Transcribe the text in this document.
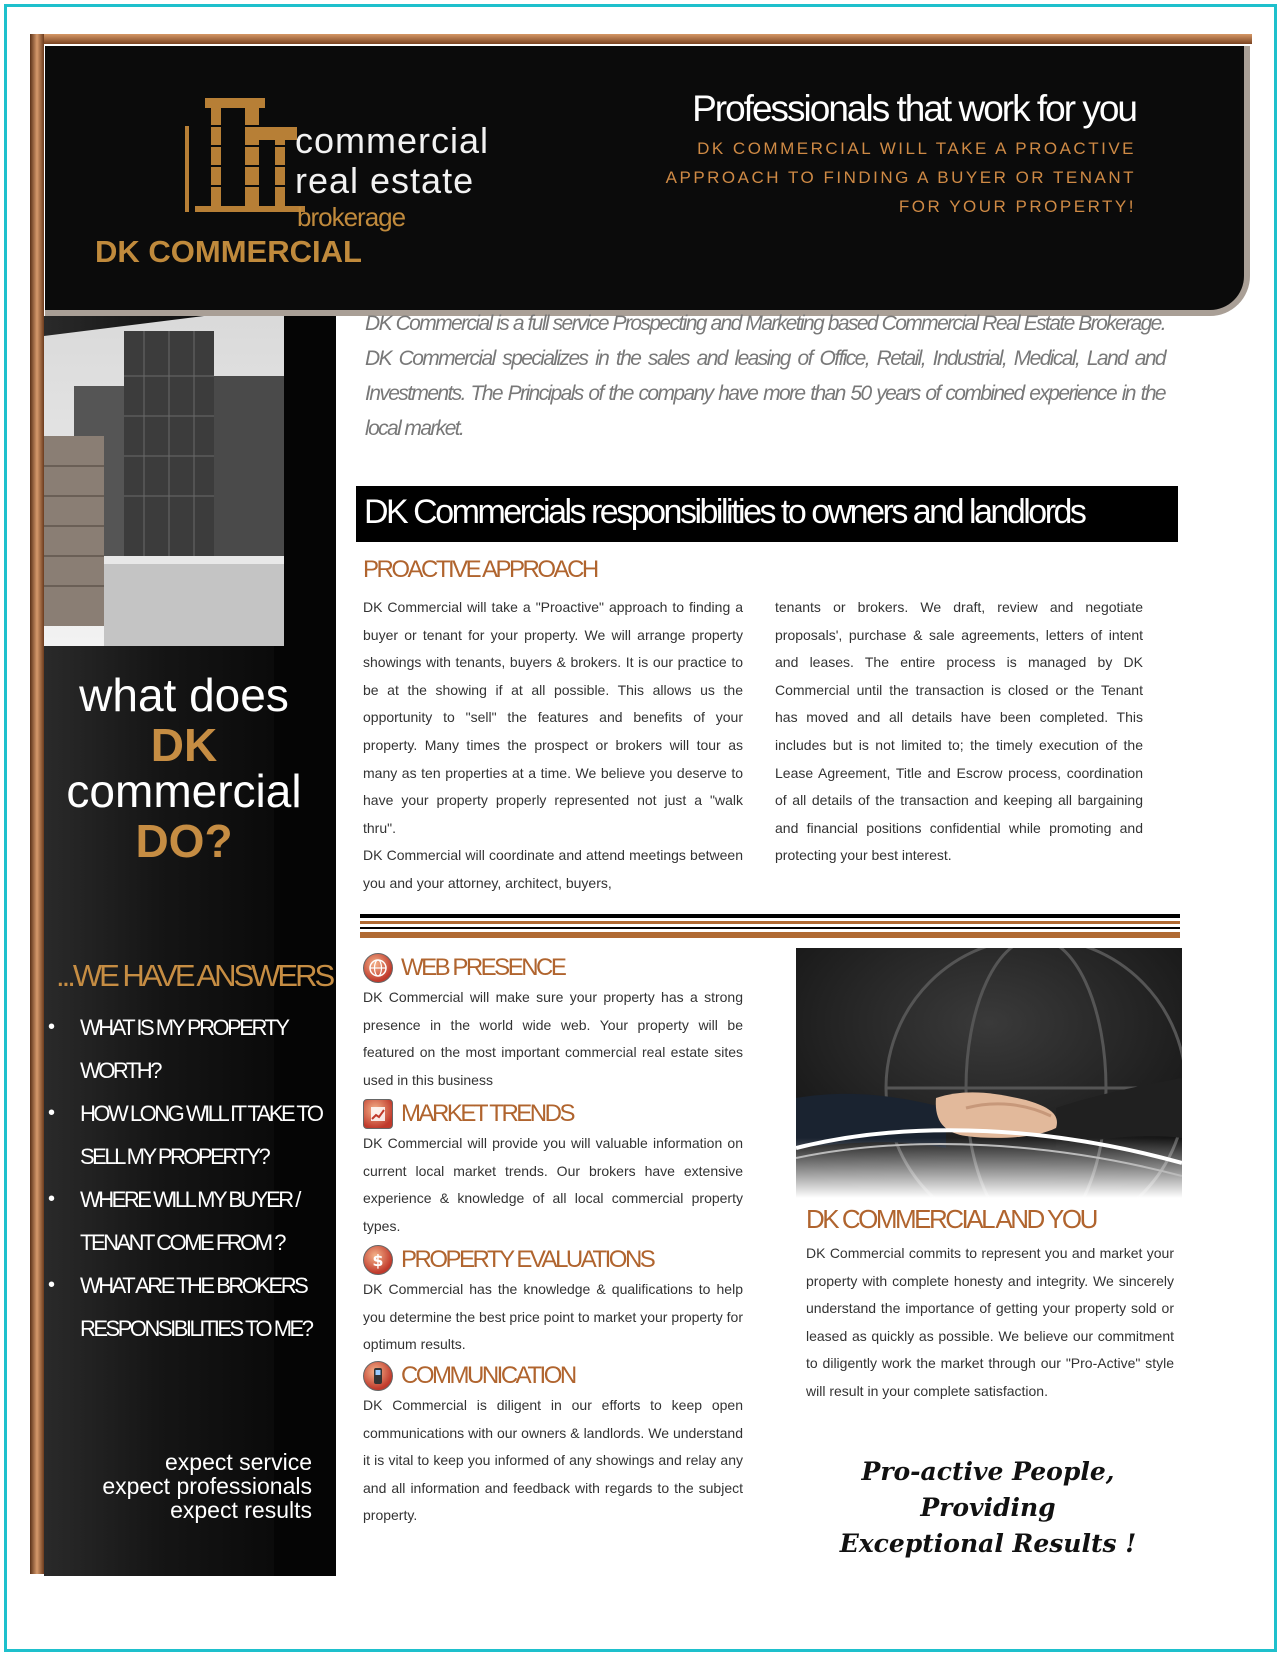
commercial
real estate
brokerage
DK COMMERCIAL
Professionals that work for you
DK COMMERCIAL WILL TAKE A PROACTIVE APPROACH TO FINDING A BUYER OR TENANT FOR YOUR PROPERTY!
what does
DK
commercial
DO?
...WE HAVE ANSWERS
• WHAT IS MY PROPERTY WORTH?
• HOW LONG WILL IT TAKE TO SELL MY PROPERTY?
• WHERE WILL MY BUYER / TENANT COME FROM ?
• WHAT ARE THE BROKERS RESPONSIBILITIES TO ME?
expect service
expect professionals
expect results
DK Commercial is a full service Prospecting and Marketing based Commercial Real Estate Brokerage. DK Commercial specializes in the sales and leasing of Office, Retail, Industrial, Medical, Land and Investments. The Principals of the company have more than 50 years of combined experience in the local market.
DK Commercials responsibilities to owners and landlords
PROACTIVE APPROACH

DK Commercial will take a "Proactive" approach to finding a buyer or tenant for your property. We will arrange property showings with tenants, buyers & brokers. It is our practice to be at the showing if at all possible. This allows us the opportunity to "sell" the features and benefits of your property. Many times the prospect or brokers will tour as many as ten properties at a time. We believe you deserve to have your property properly represented not just a "walk thru".

DK Commercial will coordinate and attend meetings between you and your attorney, architect, buyers,

tenants or brokers. We draft, review and negotiate proposals', purchase & sale agreements, letters of intent and leases. The entire process is managed by DK Commercial until the transaction is closed or the Tenant has moved and all details have been completed. This includes but is not limited to; the timely execution of the Lease Agreement, Title and Escrow process, coordination of all details of the transaction and keeping all bargaining and financial positions confidential while promoting and protecting your best interest.

WEB PRESENCE

DK Commercial will make sure your property has a strong presence in the world wide web. Your property will be featured on the most important commercial real estate sites used in this business

MARKET TRENDS

DK Commercial will provide you will valuable information on current local market trends. Our brokers have extensive experience & knowledge of all local commercial property types.

$ PROPERTY EVALUATIONS

DK Commercial has the knowledge & qualifications to help you determine the best price point to market your property for optimum results.

COMMUNICATION

DK Commercial is diligent in our efforts to keep open communications with our owners & landlords. We understand it is vital to keep you informed of any showings and relay any and all information and feedback with regards to the subject property.

DK COMMERCIAL AND YOU

DK Commercial commits to represent you and market your property with complete honesty and integrity. We sincerely understand the importance of getting your property sold or leased as quickly as possible. We believe our commitment to diligently work the market through our "Pro-Active" style will result in your complete satisfaction.

Pro-active People, Providing
Exceptional Results !
